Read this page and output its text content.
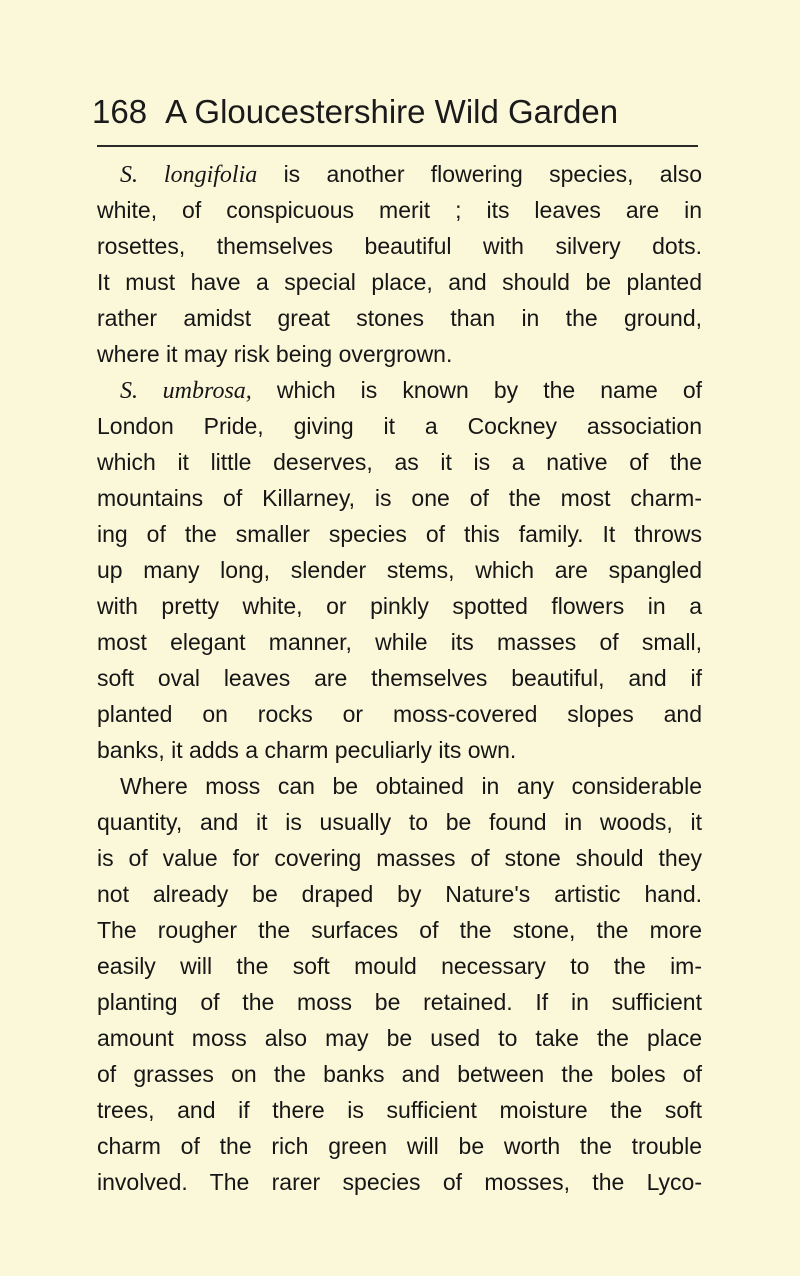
168 A Gloucestershire Wild Garden
S. longifolia is another flowering species, also
white, of conspicuous merit ; its leaves are in
rosettes, themselves beautiful with silvery dots.
It must have a special place, and should be planted
rather amidst great stones than in the ground,
where it may risk being overgrown.
S. umbrosa, which is known by the name of
London Pride, giving it a Cockney association
which it little deserves, as it is a native of the
mountains of Killarney, is one of the most charm-
ing of the smaller species of this family. It throws
up many long, slender stems, which are spangled
with pretty white, or pinkly spotted flowers in a
most elegant manner, while its masses of small,
soft oval leaves are themselves beautiful, and if
planted on rocks or moss-covered slopes and
banks, it adds a charm peculiarly its own.
Where moss can be obtained in any considerable
quantity, and it is usually to be found in woods, it
is of value for covering masses of stone should they
not already be draped by Nature's artistic hand.
The rougher the surfaces of the stone, the more
easily will the soft mould necessary to the im-
planting of the moss be retained. If in sufficient
amount moss also may be used to take the place
of grasses on the banks and between the boles of
trees, and if there is sufficient moisture the soft
charm of the rich green will be worth the trouble
involved. The rarer species of mosses, the Lyco-
